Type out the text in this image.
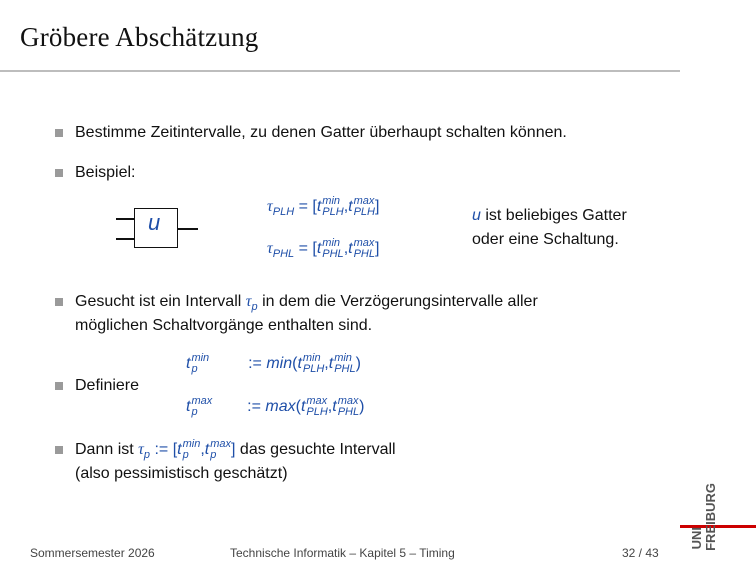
Gröbere Abschätzung
Bestimme Zeitintervalle, zu denen Gatter überhaupt schalten können.
Beispiel:
u
$\tau_{PLH} = [t$ min
PLH ,t max
PLH ]
$\tau_{PHL} = [t$ min
PHL ,t max
PHL ]
u ist beliebiges Gatter
oder eine Schaltung.
Gesucht ist ein Intervall $\tau_p$ in dem die Verzögerungsintervalle aller
möglichen Schaltvorgänge enthalten sind.
t min
p	:= min(t min
PLH ,t min
PHL )
Definiere
t max
p	:= max(t max
PLH ,t max
PHL )
Dann ist $\tau_p$ := [t min
p ,t max
p ] das gesuchte Intervall
(also pessimistisch geschätzt)
Sommersemester 2026	Technische Informatik – Kapitel 5 – Timing	32 / 43
UNI FREIBURG
